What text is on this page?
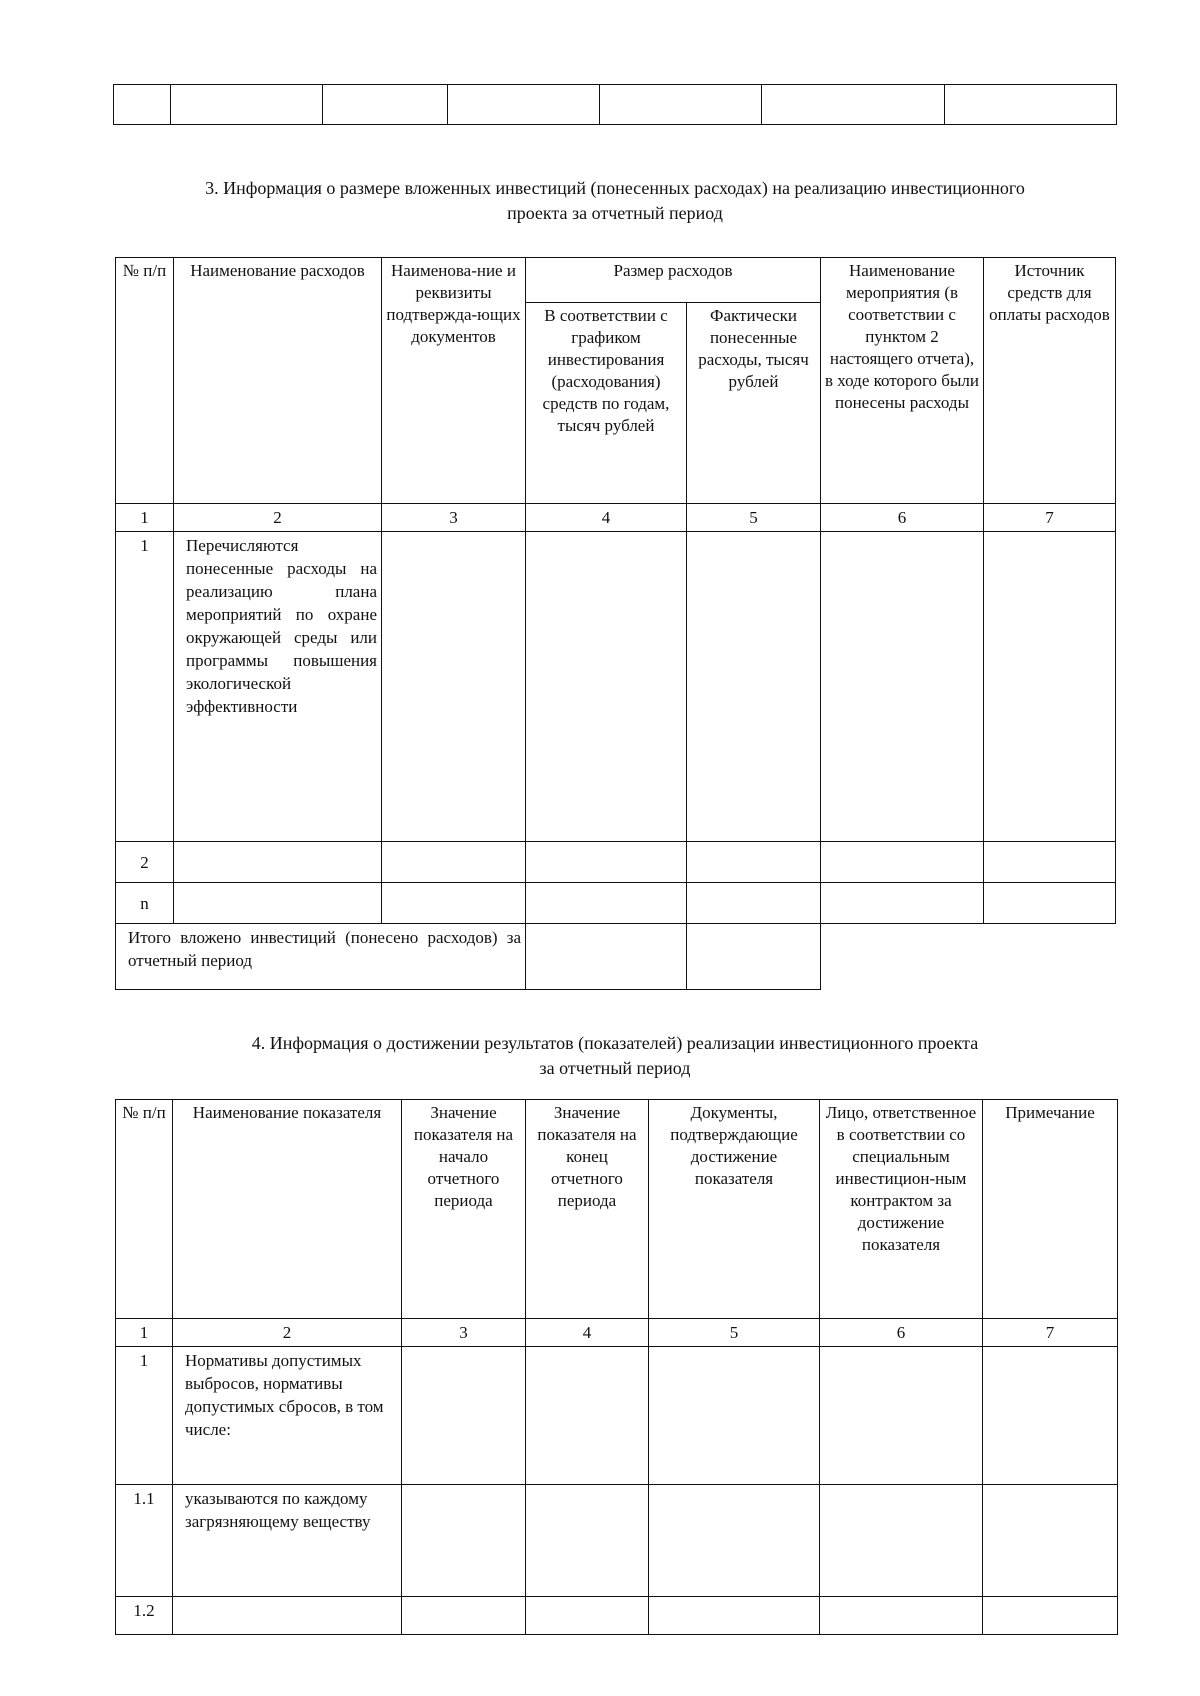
3. Информация о размере вложенных инвестиций (понесенных расходах) на реализацию инвестиционного
проекта за отчетный период
№ п/п	Наименование расходов	Наименова-ние и реквизиты подтвержда-ющих документов	Размер расходов		Наименование мероприятия (в соответствии с пунктом 2 настоящего отчета), в ходе которого были понесены расходы	Источник средств для оплаты расходов
			В соответствии с графиком инвестирования (расходования) средств по годам, тысяч рублей	Фактически понесенные расходы, тысяч рублей		
1	2	3	4	5	6	7
1	Перечисляются понесенные расходы на реализацию плана мероприятий по охране окружающей среды или программы повышения экологической эффективности					
2						
n						
Итого вложено инвестиций (понесено расходов) за отчетный период						
4. Информация о достижении результатов (показателей) реализации инвестиционного проекта
за отчетный период
№ п/п	Наименование показателя	Значение показателя на начало отчетного периода	Значение показателя на конец отчетного периода	Документы, подтверждающие достижение показателя	Лицо, ответственное в соответствии со специальным инвестицион-ным контрактом за достижение показателя	Примечание
1	2	3	4	5	6	7
1	Нормативы допустимых выбросов, нормативы допустимых сбросов, в том числе:					
1.1	указываются по каждому загрязняющему веществу					
1.2						
